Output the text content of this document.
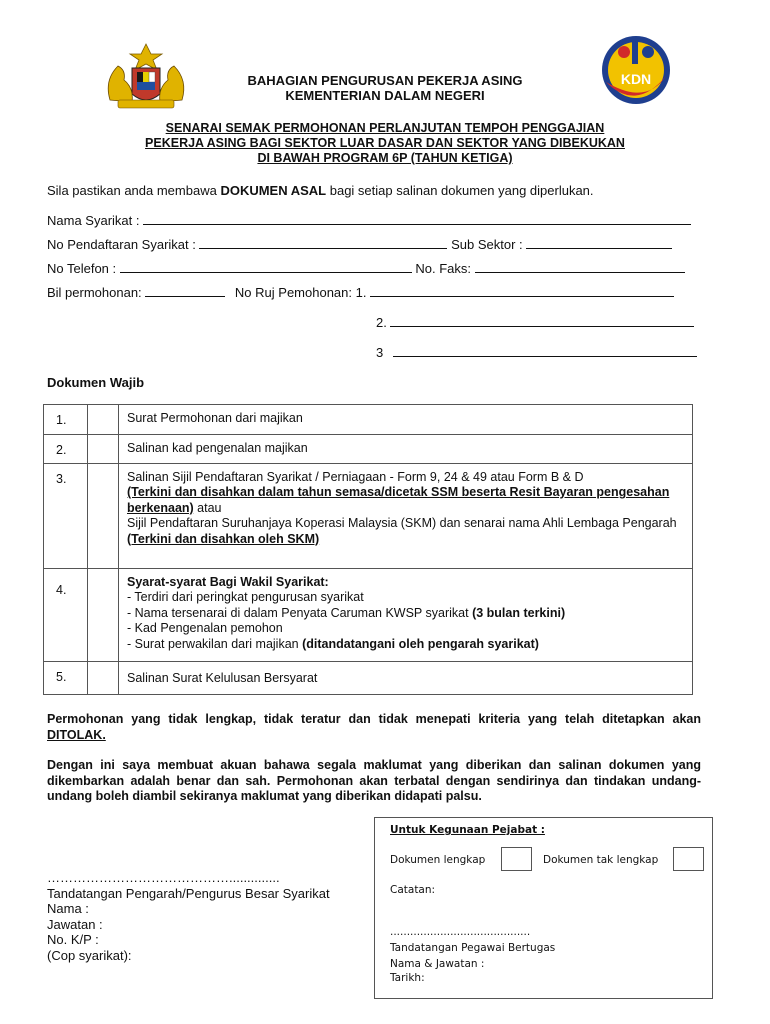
KDN
BAHAGIAN PENGURUSAN PEKERJA ASING
KEMENTERIAN DALAM NEGERI
SENARAI SEMAK PERMOHONAN PERLANJUTAN TEMPOH PENGGAJIAN
PEKERJA ASING BAGI SEKTOR LUAR DASAR DAN SEKTOR YANG DIBEKUKAN
DI BAWAH PROGRAM 6P (TAHUN KETIGA)
Sila pastikan anda membawa DOKUMEN ASAL bagi setiap salinan dokumen yang diperlukan.
Nama Syarikat :
No Pendaftaran Syarikat :	Sub Sektor :
No Telefon :	No. Faks:
Bil permohonan:	No Ruj Pemohonan: 1.
2.
3
Dokumen Wajib
1.		Surat Permohonan dari majikan
2.		Salinan kad pengenalan majikan
3.		Salinan Sijil Pendaftaran Syarikat / Perniagaan - Form 9, 24 & 49 atau Form B & D
(Terkini dan disahkan dalam tahun semasa/dicetak SSM beserta Resit Bayaran pengesahan berkenaan) atau
Sijil Pendaftaran Suruhanjaya Koperasi Malaysia (SKM) dan senarai nama Ahli Lembaga Pengarah (Terkini dan disahkan oleh SKM)

4.		Syarat-syarat Bagi Wakil Syarikat:
- Terdiri dari peringkat pengurusan syarikat
- Nama tersenarai di dalam Penyata Caruman KWSP syarikat (3 bulan terkini)
- Kad Pengenalan pemohon
- Surat perwakilan dari majikan (ditandatangani oleh pengarah syarikat)

5.		Salinan Surat Kelulusan Bersyarat
Permohonan yang tidak lengkap, tidak teratur dan tidak menepati kriteria yang telah ditetapkan akan DITOLAK.
Dengan ini saya membuat akuan bahawa segala maklumat yang diberikan dan salinan dokumen yang dikembarkan adalah benar dan sah. Permohonan akan terbatal dengan sendirinya dan tindakan undang-undang boleh diambil sekiranya maklumat yang diberikan didapati palsu.
……………………………………..............
Tandatangan Pengarah/Pengurus Besar Syarikat
Nama :
Jawatan :
No. K/P :
(Cop syarikat):
Untuk Kegunaan Pejabat :
Dokumen lengkap	Dokumen tak lengkap
Catatan:
..........................................
Tandatangan Pegawai Bertugas
Nama & Jawatan :
Tarikh:
